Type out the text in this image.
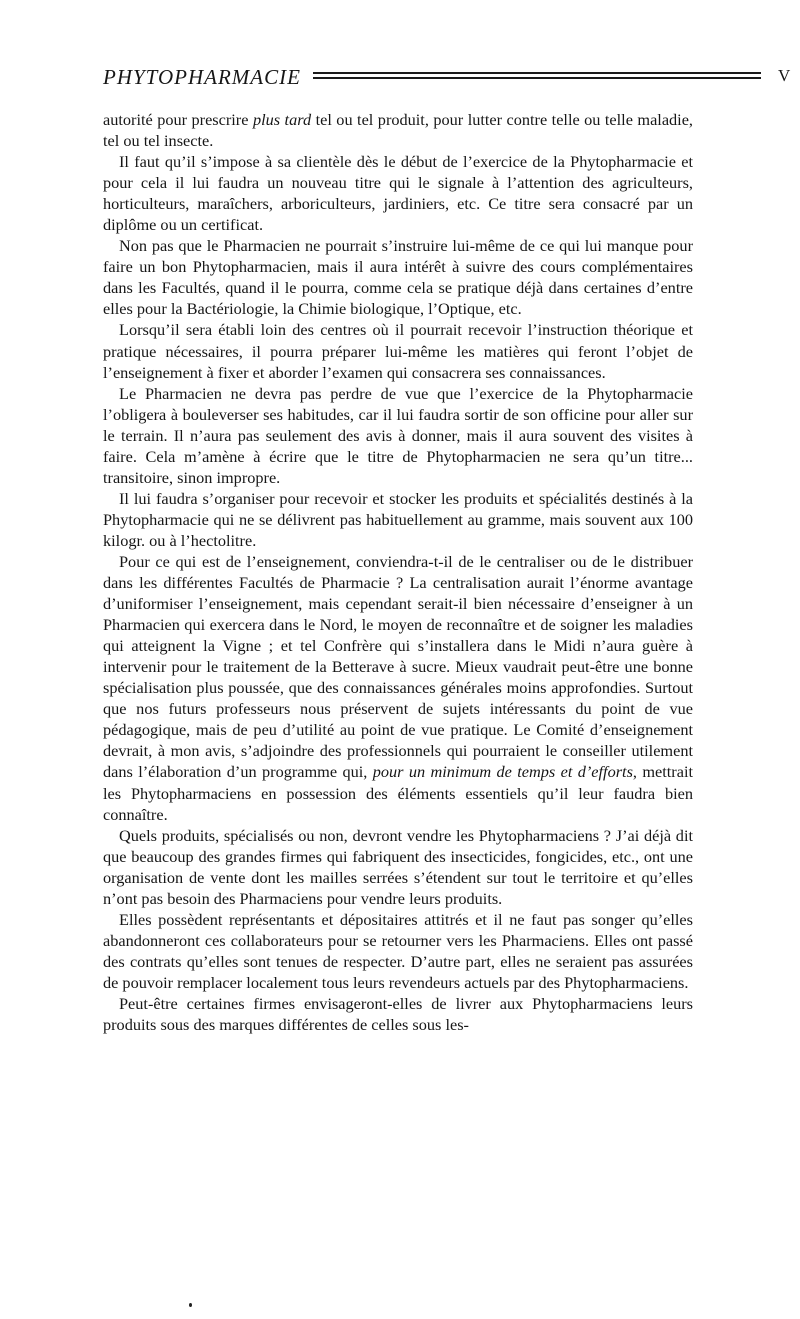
PHYTOPHARMACIE	V

autorité pour prescrire plus tard tel ou tel produit, pour lutter contre telle ou telle maladie, tel ou tel insecte.

Il faut qu’il s’impose à sa clientèle dès le début de l’exercice de la Phytopharmacie et pour cela il lui faudra un nouveau titre qui le signale à l’attention des agriculteurs, horticulteurs, maraîchers, arboriculteurs, jardiniers, etc. Ce titre sera consacré par un diplôme ou un certificat.

Non pas que le Pharmacien ne pourrait s’instruire lui-même de ce qui lui manque pour faire un bon Phytopharmacien, mais il aura intérêt à suivre des cours complémentaires dans les Facultés, quand il le pourra, comme cela se pratique déjà dans certaines d’entre elles pour la Bactériologie, la Chimie biologique, l’Optique, etc.

Lorsqu’il sera établi loin des centres où il pourrait recevoir l’instruction théorique et pratique nécessaires, il pourra préparer lui-même les matières qui feront l’objet de l’enseignement à fixer et aborder l’examen qui consacrera ses connaissances.

Le Pharmacien ne devra pas perdre de vue que l’exercice de la Phytopharmacie l’obligera à bouleverser ses habitudes, car il lui faudra sortir de son officine pour aller sur le terrain. Il n’aura pas seulement des avis à donner, mais il aura souvent des visites à faire. Cela m’amène à écrire que le titre de Phytopharmacien ne sera qu’un titre... transitoire, sinon impropre.

Il lui faudra s’organiser pour recevoir et stocker les produits et spécialités destinés à la Phytopharmacie qui ne se délivrent pas habituellement au gramme, mais souvent aux 100 kilogr. ou à l’hectolitre.

Pour ce qui est de l’enseignement, conviendra-t-il de le centraliser ou de le distribuer dans les différentes Facultés de Pharmacie ? La centralisation aurait l’énorme avantage d’uniformiser l’enseignement, mais cependant serait-il bien nécessaire d’enseigner à un Pharmacien qui exercera dans le Nord, le moyen de reconnaître et de soigner les maladies qui atteignent la Vigne ; et tel Confrère qui s’installera dans le Midi n’aura guère à intervenir pour le traitement de la Betterave à sucre. Mieux vaudrait peut-être une bonne spécialisation plus poussée, que des connaissances générales moins approfondies. Surtout que nos futurs professeurs nous préservent de sujets intéressants du point de vue pédagogique, mais de peu d’utilité au point de vue pratique. Le Comité d’enseignement devrait, à mon avis, s’adjoindre des professionnels qui pourraient le conseiller utilement dans l’élaboration d’un programme qui, pour un minimum de temps et d’efforts, mettrait les Phytopharmaciens en possession des éléments essentiels qu’il leur faudra bien connaître.

Quels produits, spécialisés ou non, devront vendre les Phytopharmaciens ? J’ai déjà dit que beaucoup des grandes firmes qui fabriquent des insecticides, fongicides, etc., ont une organisation de vente dont les mailles serrées s’étendent sur tout le territoire et qu’elles n’ont pas besoin des Pharmaciens pour vendre leurs produits.

Elles possèdent représentants et dépositaires attitrés et il ne faut pas songer qu’elles abandonneront ces collaborateurs pour se retourner vers les Pharmaciens. Elles ont passé des contrats qu’elles sont tenues de respecter. D’autre part, elles ne seraient pas assurées de pouvoir remplacer localement tous leurs revendeurs actuels par des Phytopharmaciens.

Peut-être certaines firmes envisageront-elles de livrer aux Phytopharmaciens leurs produits sous des marques différentes de celles sous les-
